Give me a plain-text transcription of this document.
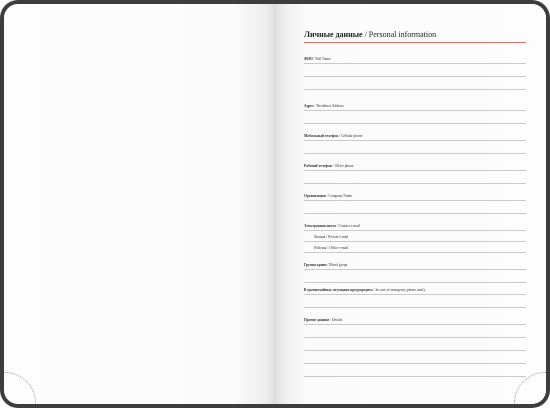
Личные данные / Personal information
ФИО / Full Name
Адрес / Residence Address
Мобильный телефон / Cellular phone
Рабочий телефон / Office phone
Организация / Company Name
Электронная почта / Contact e-mail
Личная / Private e-mail
Рабочая / Office e-mail
Группа крови / Blood group
В чрезвычайных ситуациях предупредить / In case of emergency please notify
Прочие данные / Details
